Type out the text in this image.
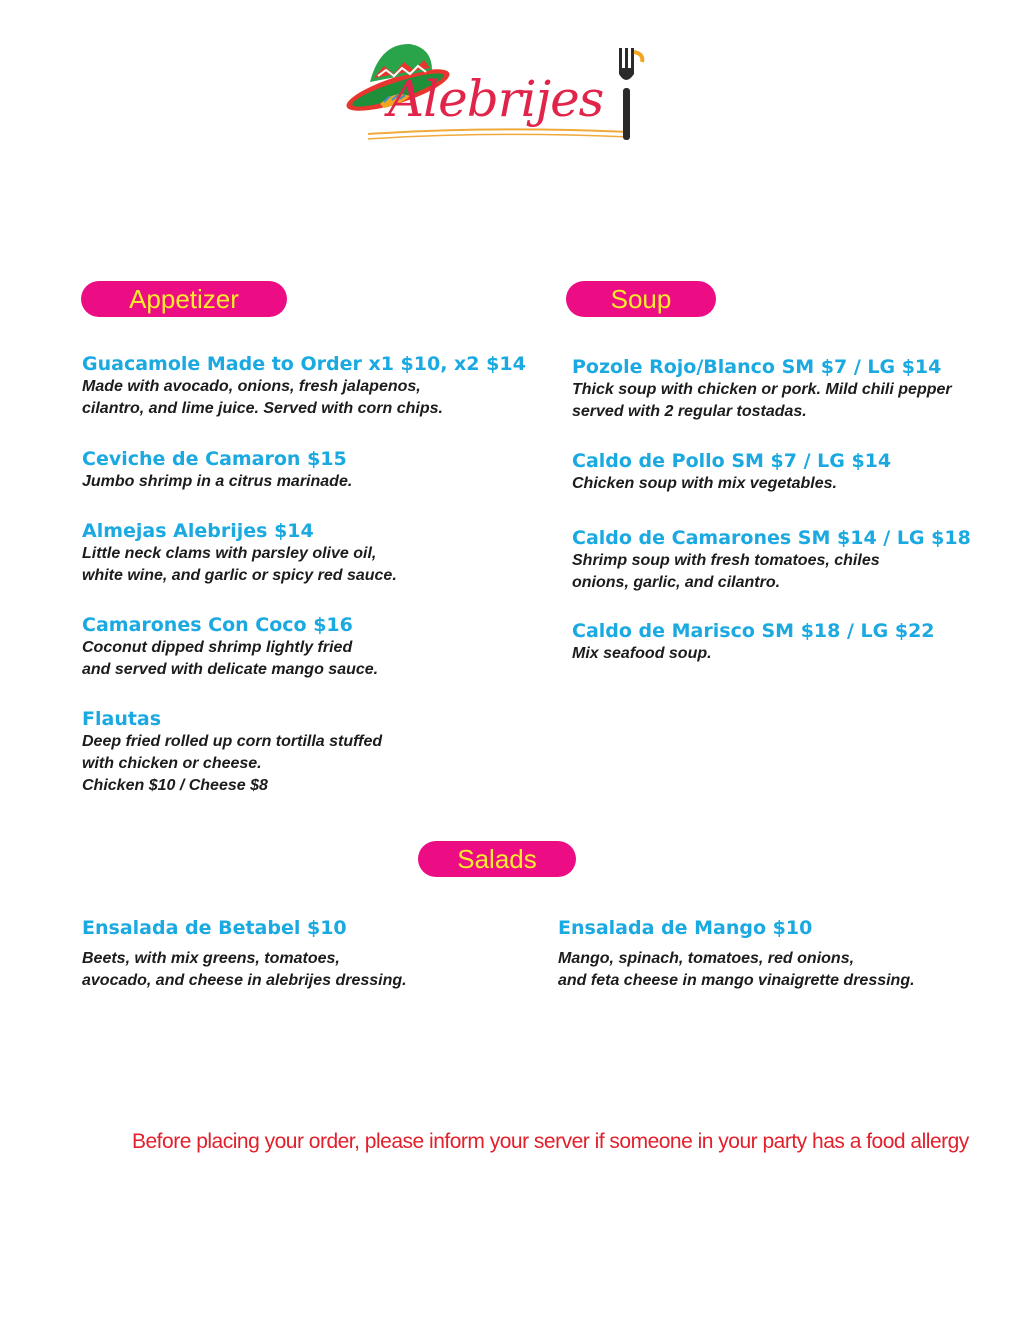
Alebrijes
Appetizer	Soup
Salads
Guacamole Made to Order x1 $10, x2 $14
Made with avocado, onions, fresh jalapenos,
cilantro, and lime juice. Served with corn chips.
Ceviche de Camaron $15
Jumbo shrimp in a citrus marinade.
Almejas Alebrijes $14
Little neck clams with parsley olive oil,
white wine, and garlic or spicy red sauce.
Camarones Con Coco $16
Coconut dipped shrimp lightly fried
and served with delicate mango sauce.
Flautas
Deep fried rolled up corn tortilla stuffed
with chicken or cheese.
Chicken $10 / Cheese $8
Pozole Rojo/Blanco SM $7 / LG $14
Thick soup with chicken or pork. Mild chili pepper
served with 2 regular tostadas.
Caldo de Pollo SM $7 / LG $14
Chicken soup with mix vegetables.
Caldo de Camarones SM $14 / LG $18
Shrimp soup with fresh tomatoes, chiles
onions, garlic, and cilantro.
Caldo de Marisco SM $18 / LG $22
Mix seafood soup.
Ensalada de Betabel $10
Beets, with mix greens, tomatoes,
avocado, and cheese in alebrijes dressing.
Ensalada de Mango $10
Mango, spinach, tomatoes, red onions,
and feta cheese in mango vinaigrette dressing.
Before placing your order, please inform your server if someone in your party has a food allergy
